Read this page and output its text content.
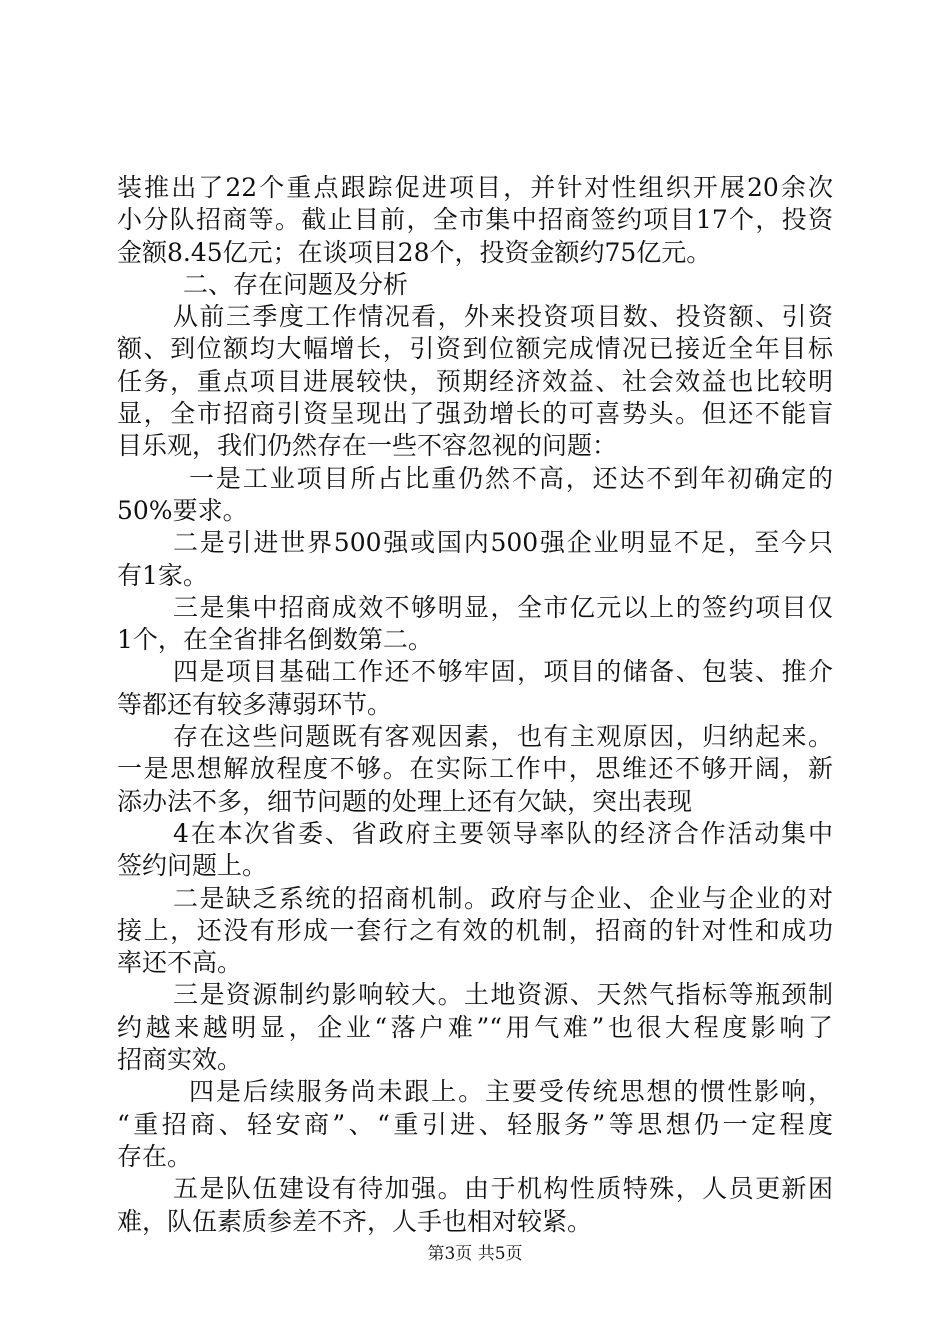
装推出了22个重点跟踪促进项目，并针对性组织开展20余次
小分队招商等。截止目前，全市集中招商签约项目17个，投资
金额8.45亿元；在谈项目28个，投资金额约75亿元。
二、存在问题及分析
从前三季度工作情况看，外来投资项目数、投资额、引资
额、到位额均大幅增长，引资到位额完成情况已接近全年目标
任务，重点项目进展较快，预期经济效益、社会效益也比较明
显，全市招商引资呈现出了强劲增长的可喜势头。但还不能盲
目乐观，我们仍然存在一些不容忽视的问题：
一是工业项目所占比重仍然不高，还达不到年初确定的
50%要求。
二是引进世界500强或国内500强企业明显不足，至今只
有1家。
三是集中招商成效不够明显，全市亿元以上的签约项目仅
1个，在全省排名倒数第二。
四是项目基础工作还不够牢固，项目的储备、包装、推介
等都还有较多薄弱环节。
存在这些问题既有客观因素，也有主观原因，归纳起来。
一是思想解放程度不够。在实际工作中，思维还不够开阔，新
添办法不多，细节问题的处理上还有欠缺，突出表现
4在本次省委、省政府主要领导率队的经济合作活动集中
签约问题上。
二是缺乏系统的招商机制。政府与企业、企业与企业的对
接上，还没有形成一套行之有效的机制，招商的针对性和成功
率还不高。
三是资源制约影响较大。土地资源、天然气指标等瓶颈制
约越来越明显，企业“落户难”“用气难”也很大程度影响了
招商实效。
四是后续服务尚未跟上。主要受传统思想的惯性影响，
“重招商、轻安商”、“重引进、轻服务”等思想仍一定程度
存在。
五是队伍建设有待加强。由于机构性质特殊，人员更新困
难，队伍素质参差不齐，人手也相对较紧。
第3页 共5页
